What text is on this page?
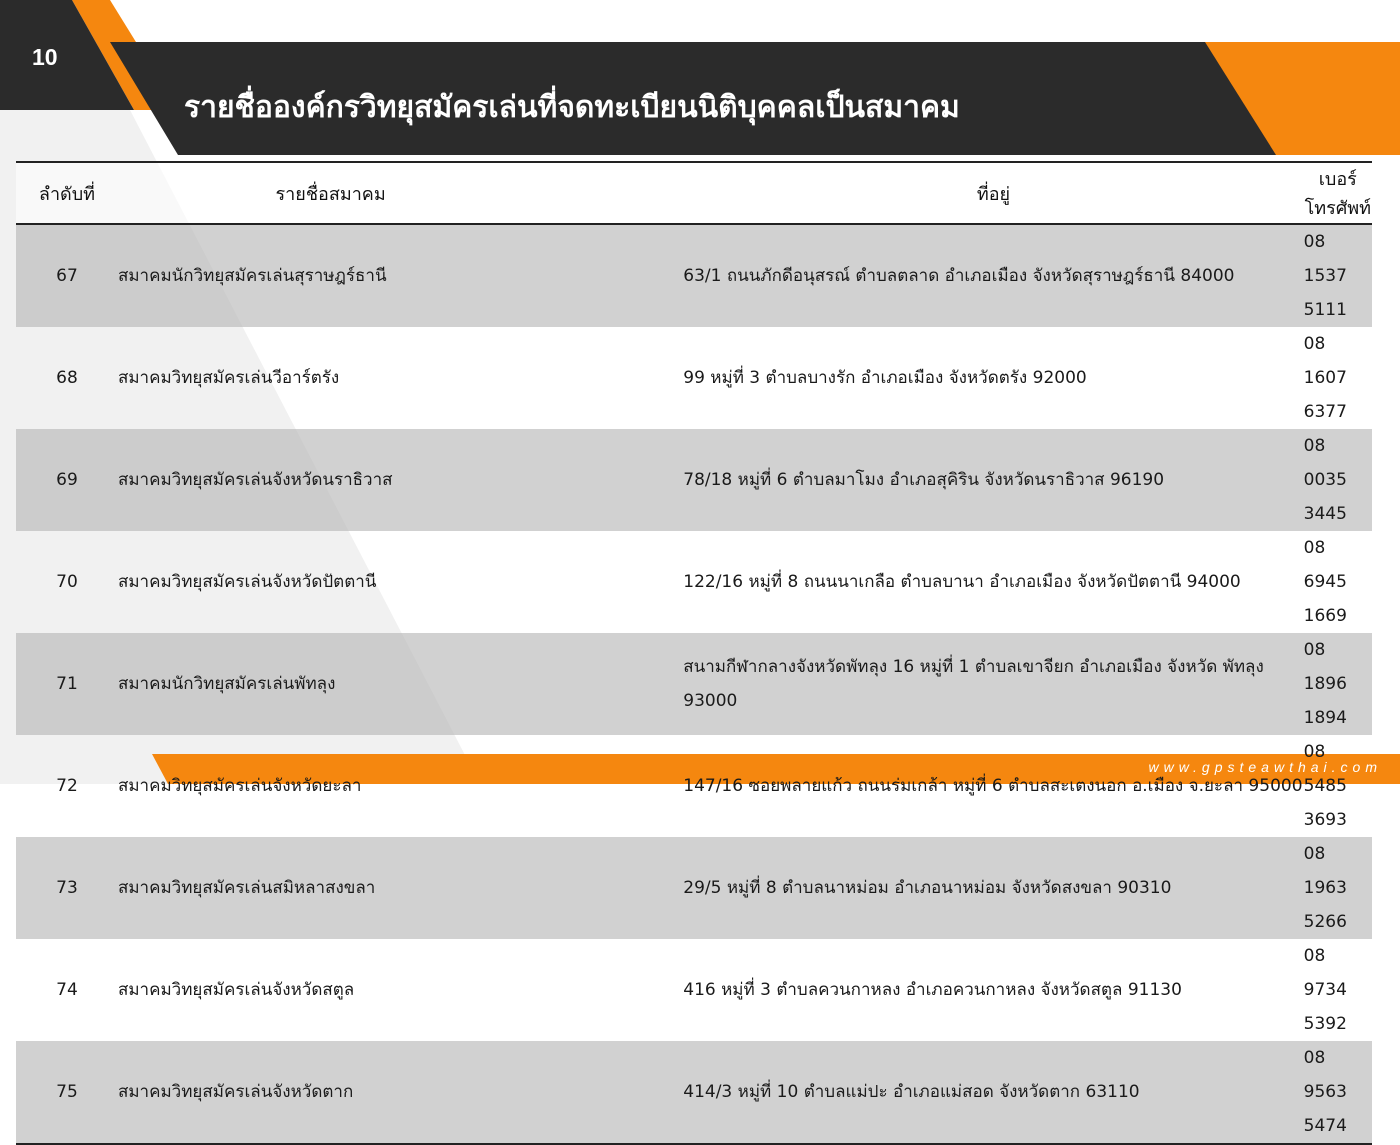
10
รายชื่อองค์กรวิทยุสมัครเล่นที่จดทะเบียนนิติบุคคลเป็นสมาคม
ลำดับที่	รายชื่อสมาคม	ที่อยู่	เบอร์โทรศัพท์
67	สมาคมนักวิทยุสมัครเล่นสุราษฎร์ธานี	63/1 ถนนภักดีอนุสรณ์ ตำบลตลาด อำเภอเมือง จังหวัดสุราษฎร์ธานี 84000	08 1537 5111
68	สมาคมวิทยุสมัครเล่นวีอาร์ตรัง	99 หมู่ที่ 3 ตำบลบางรัก อำเภอเมือง จังหวัดตรัง 92000	08 1607 6377
69	สมาคมวิทยุสมัครเล่นจังหวัดนราธิวาส	78/18 หมู่ที่ 6 ตำบลมาโมง อำเภอสุคิริน จังหวัดนราธิวาส 96190	08 0035 3445
70	สมาคมวิทยุสมัครเล่นจังหวัดปัตตานี	122/16 หมู่ที่ 8 ถนนนาเกลือ ตำบลบานา อำเภอเมือง จังหวัดปัตตานี 94000	08 6945 1669
71	สมาคมนักวิทยุสมัครเล่นพัทลุง	สนามกีฬากลางจังหวัดพัทลุง 16 หมู่ที่ 1 ตำบลเขาจียก อำเภอเมือง จังหวัด พัทลุง 93000	08 1896 1894
72	สมาคมวิทยุสมัครเล่นจังหวัดยะลา	147/16 ซอยพลายแก้ว ถนนร่มเกล้า หมู่ที่ 6 ตำบลสะเตงนอก อ.เมือง จ.ยะลา 95000	08 5485 3693
73	สมาคมวิทยุสมัครเล่นสมิหลาสงขลา	29/5 หมู่ที่ 8 ตำบลนาหม่อม อำเภอนาหม่อม จังหวัดสงขลา 90310	08 1963 5266
74	สมาคมวิทยุสมัครเล่นจังหวัดสตูล	416 หมู่ที่ 3 ตำบลควนกาหลง อำเภอควนกาหลง จังหวัดสตูล 91130	08 9734 5392
75	สมาคมวิทยุสมัครเล่นจังหวัดตาก	414/3 หมู่ที่ 10 ตำบลแม่ปะ อำเภอแม่สอด จังหวัดตาก 63110	08 9563 5474
www.gpsteawthai.com
